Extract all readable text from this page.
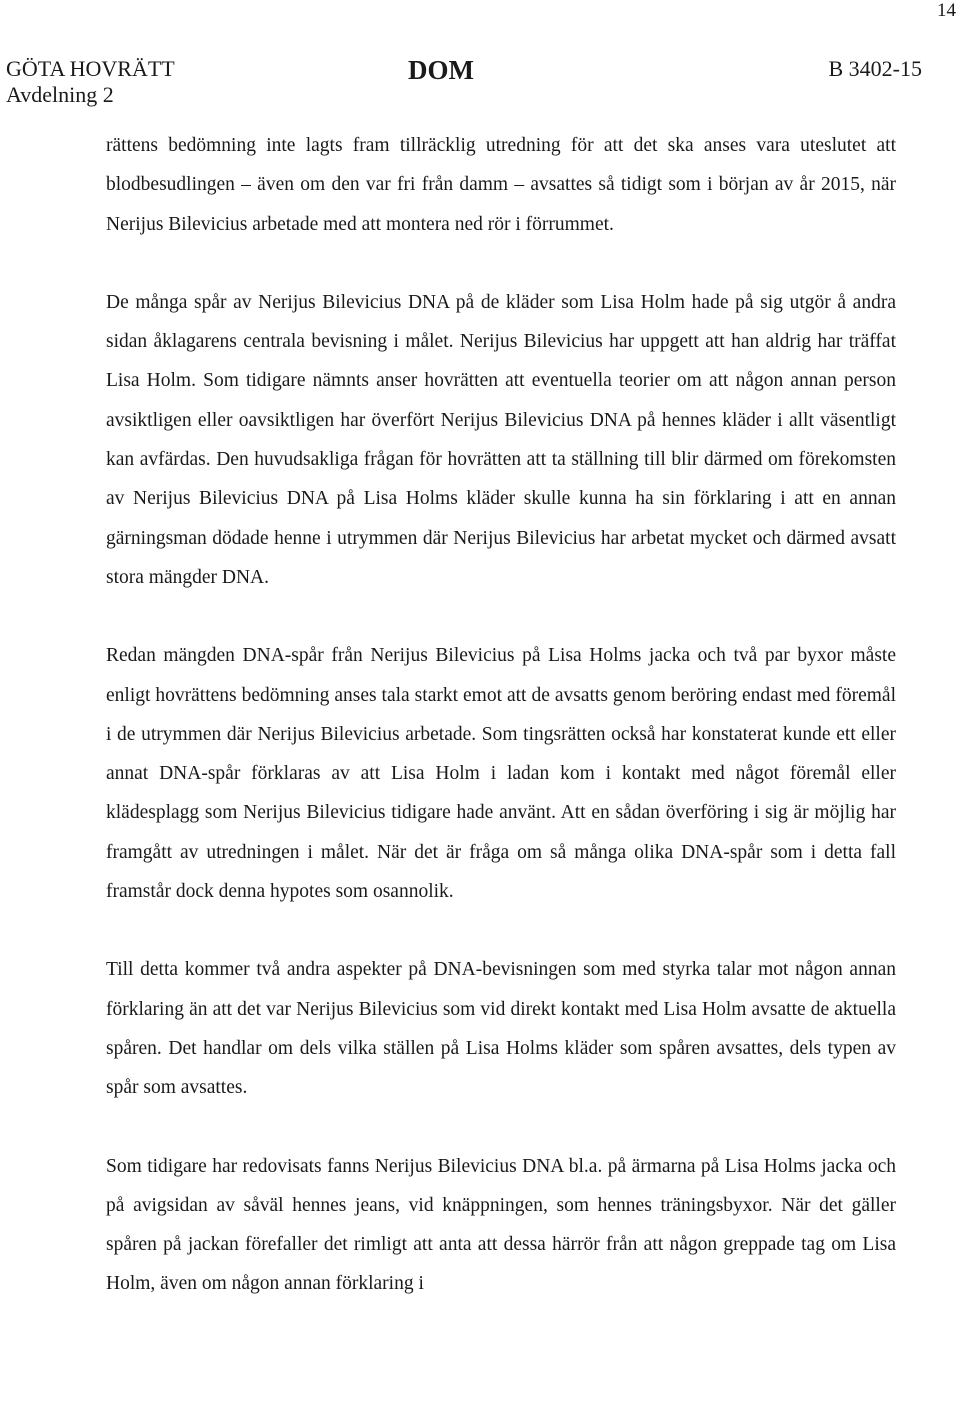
14
GÖTA HOVRÄTT
Avdelning 2
DOM	B 3402-15

rättens bedömning inte lagts fram tillräcklig utredning för att det ska anses vara uteslutet att blodbesudlingen – även om den var fri från damm – avsattes så tidigt som i början av år 2015, när Nerijus Bilevicius arbetade med att montera ned rör i förrummet.

De många spår av Nerijus Bilevicius DNA på de kläder som Lisa Holm hade på sig utgör å andra sidan åklagarens centrala bevisning i målet. Nerijus Bilevicius har uppgett att han aldrig har träffat Lisa Holm. Som tidigare nämnts anser hovrätten att eventuella teorier om att någon annan person avsiktligen eller oavsiktligen har överfört Nerijus Bilevicius DNA på hennes kläder i allt väsentligt kan avfärdas. Den huvudsakliga frågan för hovrätten att ta ställning till blir därmed om förekomsten av Nerijus Bilevicius DNA på Lisa Holms kläder skulle kunna ha sin förklaring i att en annan gärningsman dödade henne i utrymmen där Nerijus Bilevicius har arbetat mycket och därmed avsatt stora mängder DNA.

Redan mängden DNA-spår från Nerijus Bilevicius på Lisa Holms jacka och två par byxor måste enligt hovrättens bedömning anses tala starkt emot att de avsatts genom beröring endast med föremål i de utrymmen där Nerijus Bilevicius arbetade. Som tingsrätten också har konstaterat kunde ett eller annat DNA-spår förklaras av att Lisa Holm i ladan kom i kontakt med något föremål eller klädesplagg som Nerijus Bilevicius tidigare hade använt. Att en sådan överföring i sig är möjlig har framgått av utredningen i målet. När det är fråga om så många olika DNA-spår som i detta fall framstår dock denna hypotes som osannolik.

Till detta kommer två andra aspekter på DNA-bevisningen som med styrka talar mot någon annan förklaring än att det var Nerijus Bilevicius som vid direkt kontakt med Lisa Holm avsatte de aktuella spåren. Det handlar om dels vilka ställen på Lisa Holms kläder som spåren avsattes, dels typen av spår som avsattes.

Som tidigare har redovisats fanns Nerijus Bilevicius DNA bl.a. på ärmarna på Lisa Holms jacka och på avigsidan av såväl hennes jeans, vid knäppningen, som hennes träningsbyxor. När det gäller spåren på jackan förefaller det rimligt att anta att dessa härrör från att någon greppade tag om Lisa Holm, även om någon annan förklaring i
